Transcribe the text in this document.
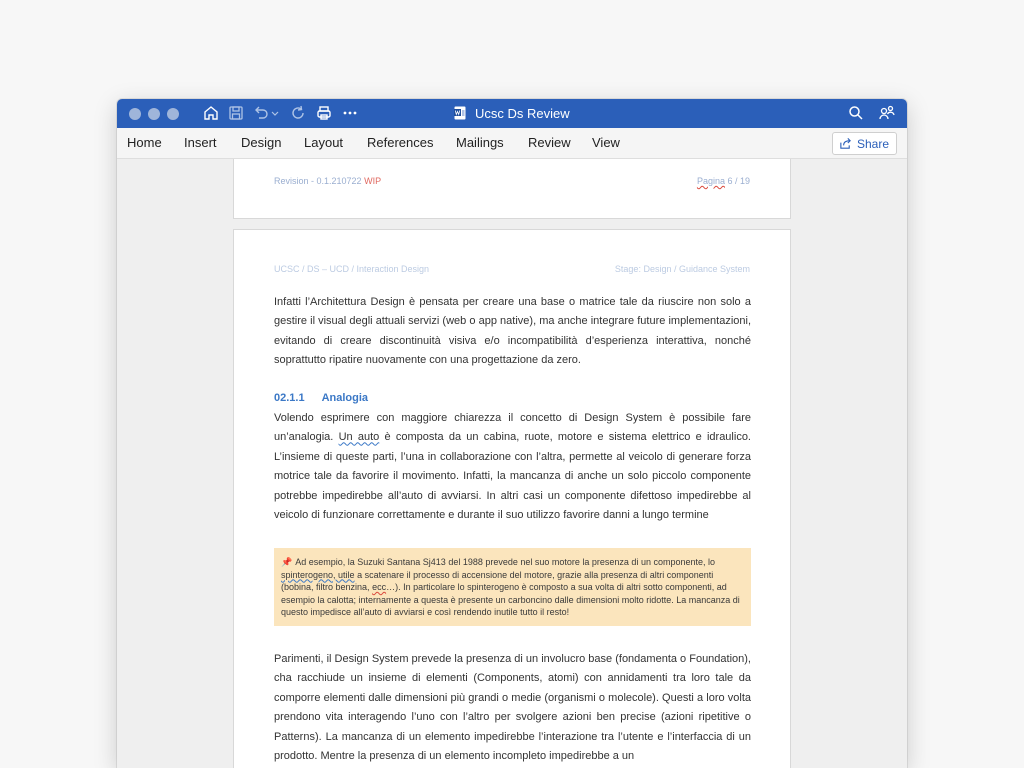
Ucsc Ds Review
Home Insert Design Layout References Mailings Review View	Share
Revision - 0.1.210722 WIP	Pagina 6 / 19
UCSC / DS – UCD / Interaction Design	Stage: Design / Guidance System
Infatti l’Architettura Design è pensata per creare una base o matrice tale da riuscire non solo a gestire il visual degli attuali servizi (web o app native), ma anche integrare future implementazioni, evitando di creare discontinuità visiva e/o incompatibilità d’esperienza interattiva, nonché soprattutto ripatire nuovamente con una progettazione da zero.
02.1.1 Analogia
Volendo esprimere con maggiore chiarezza il concetto di Design System è possibile fare un’analogia. Un auto è composta da un cabina, ruote, motore e sistema elettrico e idraulico. L’insieme di queste parti, l’una in collaborazione con l’altra, permette al veicolo di generare forza motrice tale da favorire il movimento. Infatti, la mancanza di anche un solo piccolo componente potrebbe impedirebbe all’auto di avviarsi. In altri casi un componente difettoso impedirebbe al veicolo di funzionare correttamente e durante il suo utilizzo favorire danni a lungo termine
📌 Ad esempio, la Suzuki Santana Sj413 del 1988 prevede nel suo motore la presenza di un componente, lo spinterogeno, utile a scatenare il processo di accensione del motore, grazie alla presenza di altri componenti (bobina, filtro benzina, ecc…). In particolare lo spinterogeno è composto a sua volta di altri sotto componenti, ad esempio la calotta; internamente a questa è presente un carboncino dalle dimensioni molto ridotte. La mancanza di questo impedisce all’auto di avviarsi e così rendendo inutile tutto il resto!
Parimenti, il Design System prevede la presenza di un involucro base (fondamenta o Foundation), cha racchiude un insieme di elementi (Components, atomi) con annidamenti tra loro tale da comporre elementi dalle dimensioni più grandi o medie (organismi o molecole). Questi a loro volta prendono vita interagendo l’uno con l’altro per svolgere azioni ben precise (azioni ripetitive o Patterns). La mancanza di un elemento impedirebbe l’interazione tra l’utente e l’interfaccia di un prodotto. Mentre la presenza di un elemento incompleto impedirebbe a un
